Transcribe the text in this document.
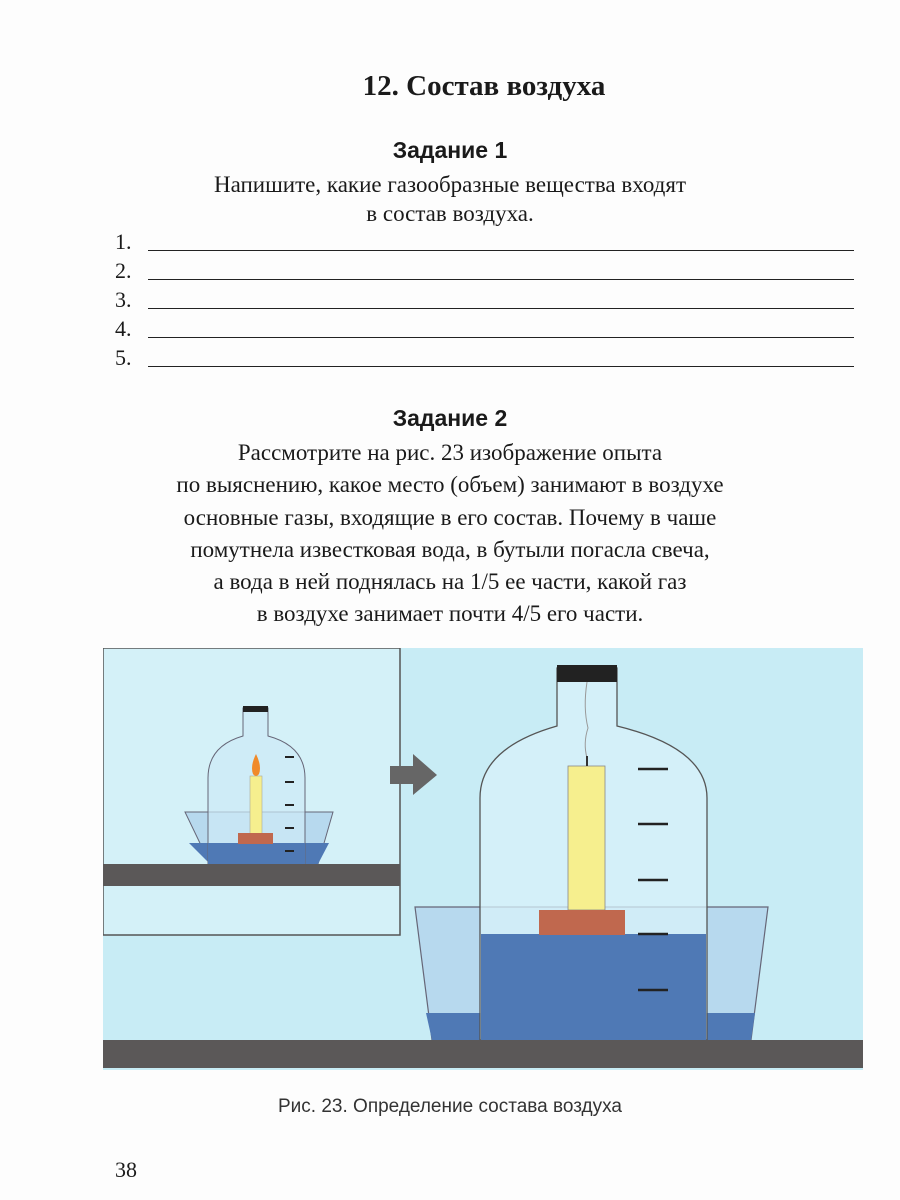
12. Состав воздуха
Задание 1
Напишите, какие газообразные вещества входят
в состав воздуха.
1.
2.
3.
4.
5.
Задание 2
Рассмотрите на рис. 23 изображение опыта
по выяснению, какое место (объем) занимают в воздухе
основные газы, входящие в его состав. Почему в чаше
помутнела известковая вода, в бутыли погасла свеча,
а вода в ней поднялась на 1/5 ее части, какой газ
в воздухе занимает почти 4/5 его части.
Рис. 23. Определение состава воздуха
38
